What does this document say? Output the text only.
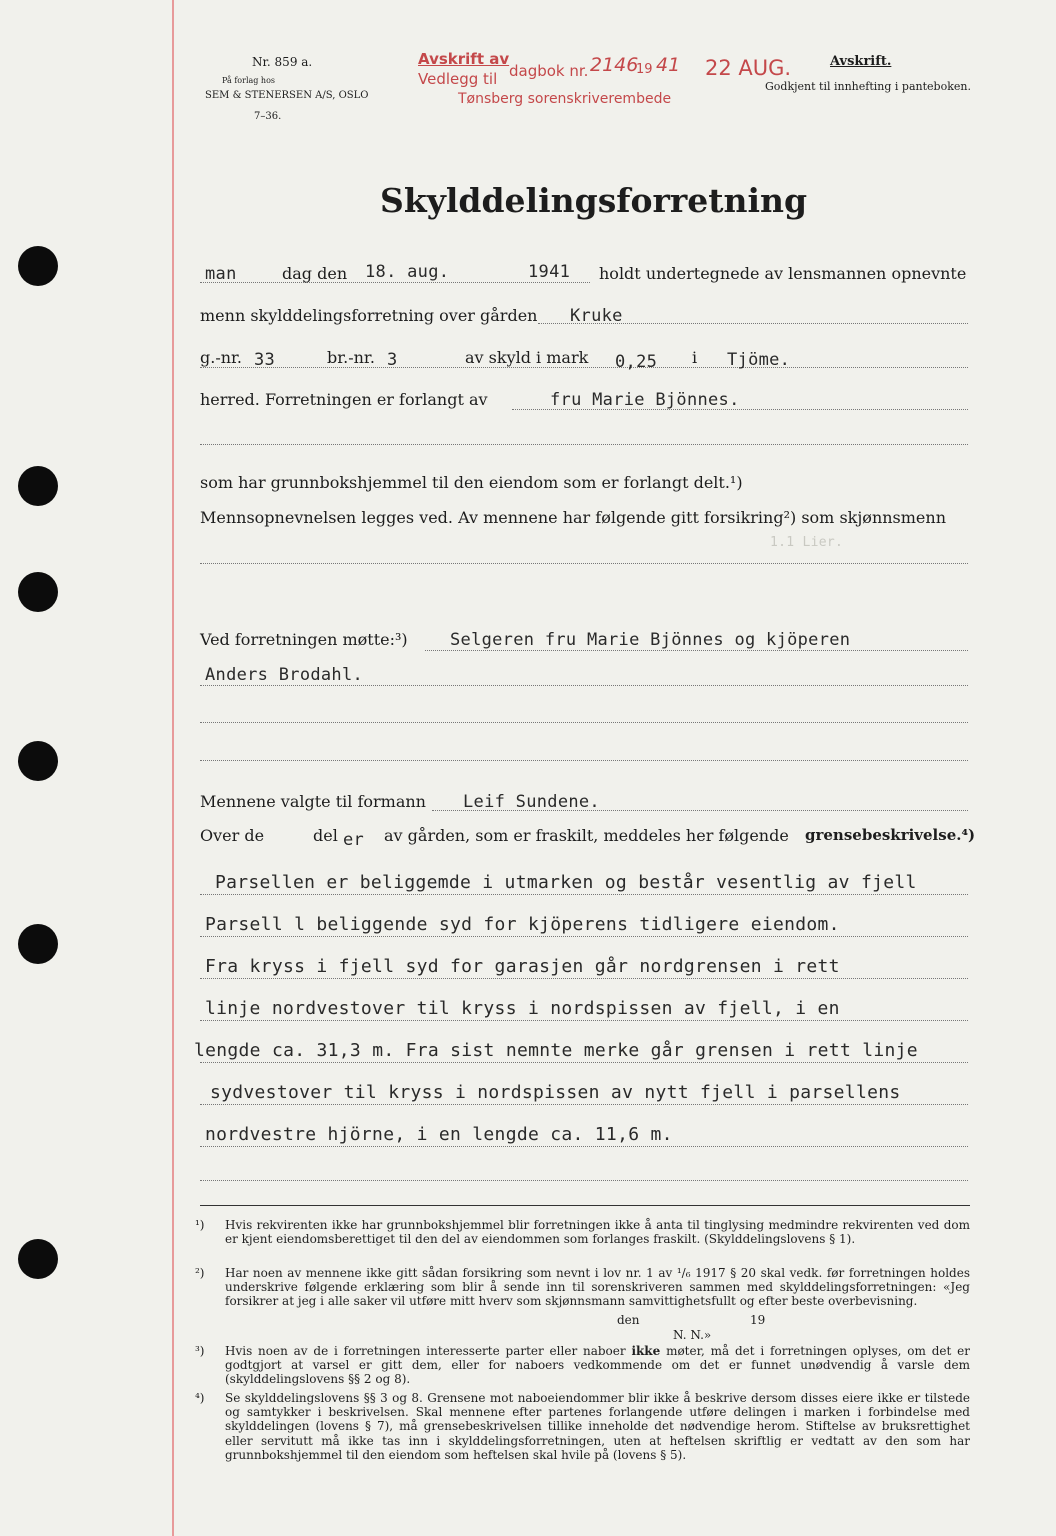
Nr. 859 a.
På forlag hos
SEM & STENERSEN A/S, OSLO
7–36.
Avskrift av
Vedlegg til dagbok nr. 2146
19 41 22 AUG.
Tønsberg sorenskriverembede
Avskrift.
Godkjent til innhefting i panteboken.
Skylddelingsforretning
man	dag den 18. aug.	1941 holdt undertegnede av lensmannen opnevnte
menn skylddelingsforretning over gården Kruke
g.-nr. 33	br.-nr. 3	av skyld i mark 0,25 i Tjöme.
herred. Forretningen er forlangt av	fru Marie Bjönnes.
som har grunnbokshjemmel til den eiendom som er forlangt delt.¹)
Mennsopnevnelsen legges ved. Av mennene har følgende gitt forsikring²) som skjønnsmenn
1.1 Lier.
Ved forretningen møtte:³) Selgeren fru Marie Bjönnes og kjöperen
Anders Brodahl.
Mennene valgte til formann Leif Sundene.
Over de	del er av gården, som er fraskilt, meddeles her følgende grensebeskrivelse.⁴)
Parsellen er beliggemde i utmarken og består vesentlig av fjell
Parsell l beliggende syd for kjöperens tidligere eiendom.
Fra kryss i fjell syd for garasjen går nordgrensen i rett
linje nordvestover til kryss i nordspissen av fjell, i en
lengde ca. 31,3 m. Fra sist nemnte merke går grensen i rett linje
sydvestover til kryss i nordspissen av nytt fjell i parsellens
nordvestre hjörne, i en lengde ca. 11,6 m.
¹)	Hvis rekvirenten ikke har grunnbokshjemmel blir forretningen ikke å anta til tinglysing medmindre rekvirenten ved dom er kjent eiendomsberettiget til den del av eiendommen som forlanges fraskilt. (Skylddelingslovens § 1).
²)	Har noen av mennene ikke gitt sådan forsikring som nevnt i lov nr. 1 av ¹/₆ 1917 § 20 skal vedk. før forretningen holdes underskrive følgende erklæring som blir å sende inn til sorenskriveren sammen med skylddelingsforretningen: «Jeg forsikrer at jeg i alle saker vil utføre mitt hverv som skjønnsmann samvittighetsfullt og efter beste overbevisning.
den	19
N. N.»
³)	Hvis noen av de i forretningen interesserte parter eller naboer ikke møter, må det i forretningen oplyses, om det er godtgjort at varsel er gitt dem, eller for naboers vedkommende om det er funnet unødvendig å varsle dem (skylddelingslovens §§ 2 og 8).
⁴)	Se skylddelingslovens §§ 3 og 8. Grensene mot naboeiendommer blir ikke å beskrive dersom disses eiere ikke er tilstede og samtykker i beskrivelsen. Skal mennene efter partenes forlangende utføre delingen i marken i forbindelse med skylddelingen (lovens § 7), må grensebeskrivelsen tillike inneholde det nødvendige herom. Stiftelse av bruksrettighet eller servitutt må ikke tas inn i skylddelingsforretningen, uten at heftelsen skriftlig er vedtatt av den som har grunnbokshjemmel til den eiendom som heftelsen skal hvile på (lovens § 5).
